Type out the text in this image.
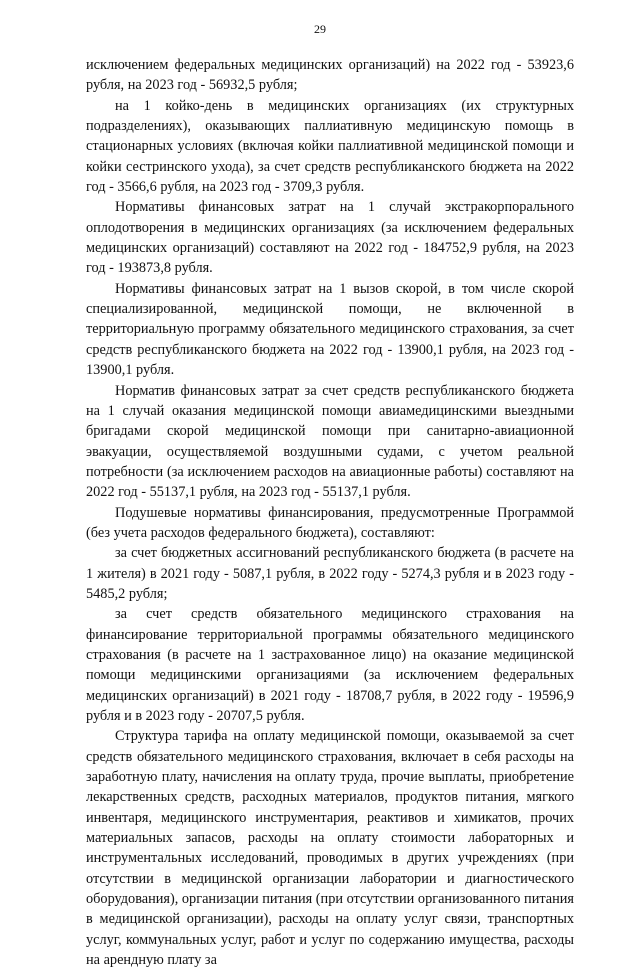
29

исключением федеральных медицинских организаций) на 2022 год - 53923,6 рубля, на 2023 год - 56932,5 рубля;

на 1 койко-день в медицинских организациях (их структурных подразделениях), оказывающих паллиативную медицинскую помощь в стационарных условиях (включая койки паллиативной медицинской помощи и койки сестринского ухода), за счет средств республиканского бюджета на 2022 год - 3566,6 рубля, на 2023 год - 3709,3 рубля.

Нормативы финансовых затрат на 1 случай экстракорпорального оплодотворения в медицинских организациях (за исключением федеральных медицинских организаций) составляют на 2022 год - 184752,9 рубля, на 2023 год - 193873,8 рубля.

Нормативы финансовых затрат на 1 вызов скорой, в том числе скорой специализированной, медицинской помощи, не включенной в территориальную программу обязательного медицинского страхования, за счет средств республиканского бюджета на 2022 год - 13900,1 рубля, на 2023 год - 13900,1 рубля.

Норматив финансовых затрат за счет средств республиканского бюджета на 1 случай оказания медицинской помощи авиамедицинскими выездными бригадами скорой медицинской помощи при санитарно-авиационной эвакуации, осуществляемой воздушными судами, с учетом реальной потребности (за исключением расходов на авиационные работы) составляют на 2022 год - 55137,1 рубля, на 2023 год - 55137,1 рубля.

Подушевые нормативы финансирования, предусмотренные Программой (без учета расходов федерального бюджета), составляют:

за счет бюджетных ассигнований республиканского бюджета (в расчете на 1 жителя) в 2021 году - 5087,1 рубля, в 2022 году - 5274,3 рубля и в 2023 году - 5485,2 рубля;

за счет средств обязательного медицинского страхования на финансирование территориальной программы обязательного медицинского страхования (в расчете на 1 застрахованное лицо) на оказание медицинской помощи медицинскими организациями (за исключением федеральных медицинских организаций) в 2021 году - 18708,7 рубля, в 2022 году - 19596,9 рубля и в 2023 году - 20707,5 рубля.

Структура тарифа на оплату медицинской помощи, оказываемой за счет средств обязательного медицинского страхования, включает в себя расходы на заработную плату, начисления на оплату труда, прочие выплаты, приобретение лекарственных средств, расходных материалов, продуктов питания, мягкого инвентаря, медицинского инструментария, реактивов и химикатов, прочих материальных запасов, расходы на оплату стоимости лабораторных и инструментальных исследований, проводимых в других учреждениях (при отсутствии в медицинской организации лаборатории и диагностического оборудования), организации питания (при отсутствии организованного питания в медицинской организации), расходы на оплату услуг связи, транспортных услуг, коммунальных услуг, работ и услуг по содержанию имущества, расходы на арендную плату за
